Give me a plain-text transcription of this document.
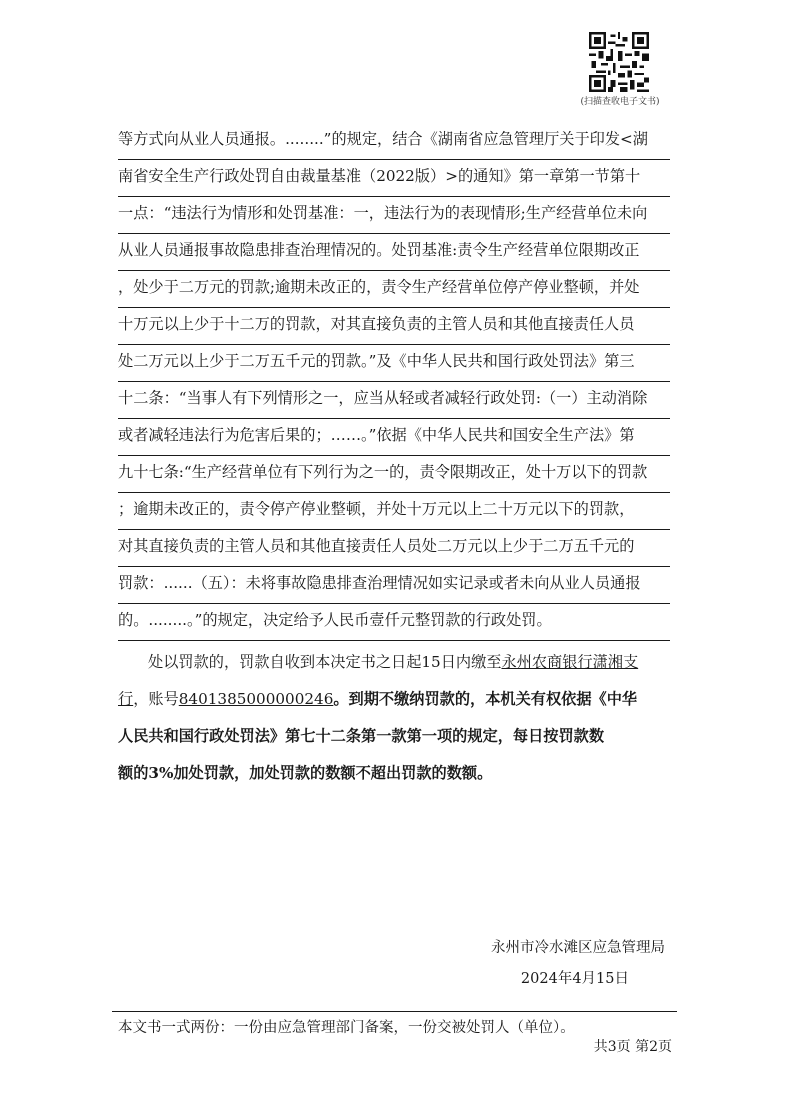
(扫描查收电子文书)
等方式向从业人员通报。........”的规定，结合《湖南省应急管理厅关于印发<湖
南省安全生产行政处罚自由裁量基准（2022版）>的通知》第一章第一节第十
一点：“违法行为情形和处罚基准：一，违法行为的表现情形;生产经营单位未向
从业人员通报事故隐患排查治理情况的。处罚基准:责令生产经营单位限期改正
，处少于二万元的罚款;逾期未改正的，责令生产经营单位停产停业整顿，并处
十万元以上少于十二万的罚款，对其直接负责的主管人员和其他直接责任人员
处二万元以上少于二万五千元的罚款。”及《中华人民共和国行政处罚法》第三
十二条：“当事人有下列情形之一，应当从轻或者减轻行政处罚:（一）主动消除
或者减轻违法行为危害后果的；……。”依据《中华人民共和国安全生产法》第
九十七条:“生产经营单位有下列行为之一的，责令限期改正，处十万以下的罚款
；逾期未改正的，责令停产停业整顿，并处十万元以上二十万元以下的罚款，
对其直接负责的主管人员和其他直接责任人员处二万元以上少于二万五千元的
罚款：......（五）：未将事故隐患排查治理情况如实记录或者未向从业人员通报
的。........。”的规定，决定给予人民币壹仟元整罚款的行政处罚。
处以罚款的，罚款自收到本决定书之日起15日内缴至永州农商银行潇湘支
行，账号8401385000000246。到期不缴纳罚款的，本机关有权依据《中华
人民共和国行政处罚法》第七十二条第一款第一项的规定，每日按罚款数
额的3%加处罚款，加处罚款的数额不超出罚款的数额。
永州市冷水滩区应急管理局
2024年4月15日
本文书一式两份：一份由应急管理部门备案，一份交被处罚人（单位）。
共3页 第2页
